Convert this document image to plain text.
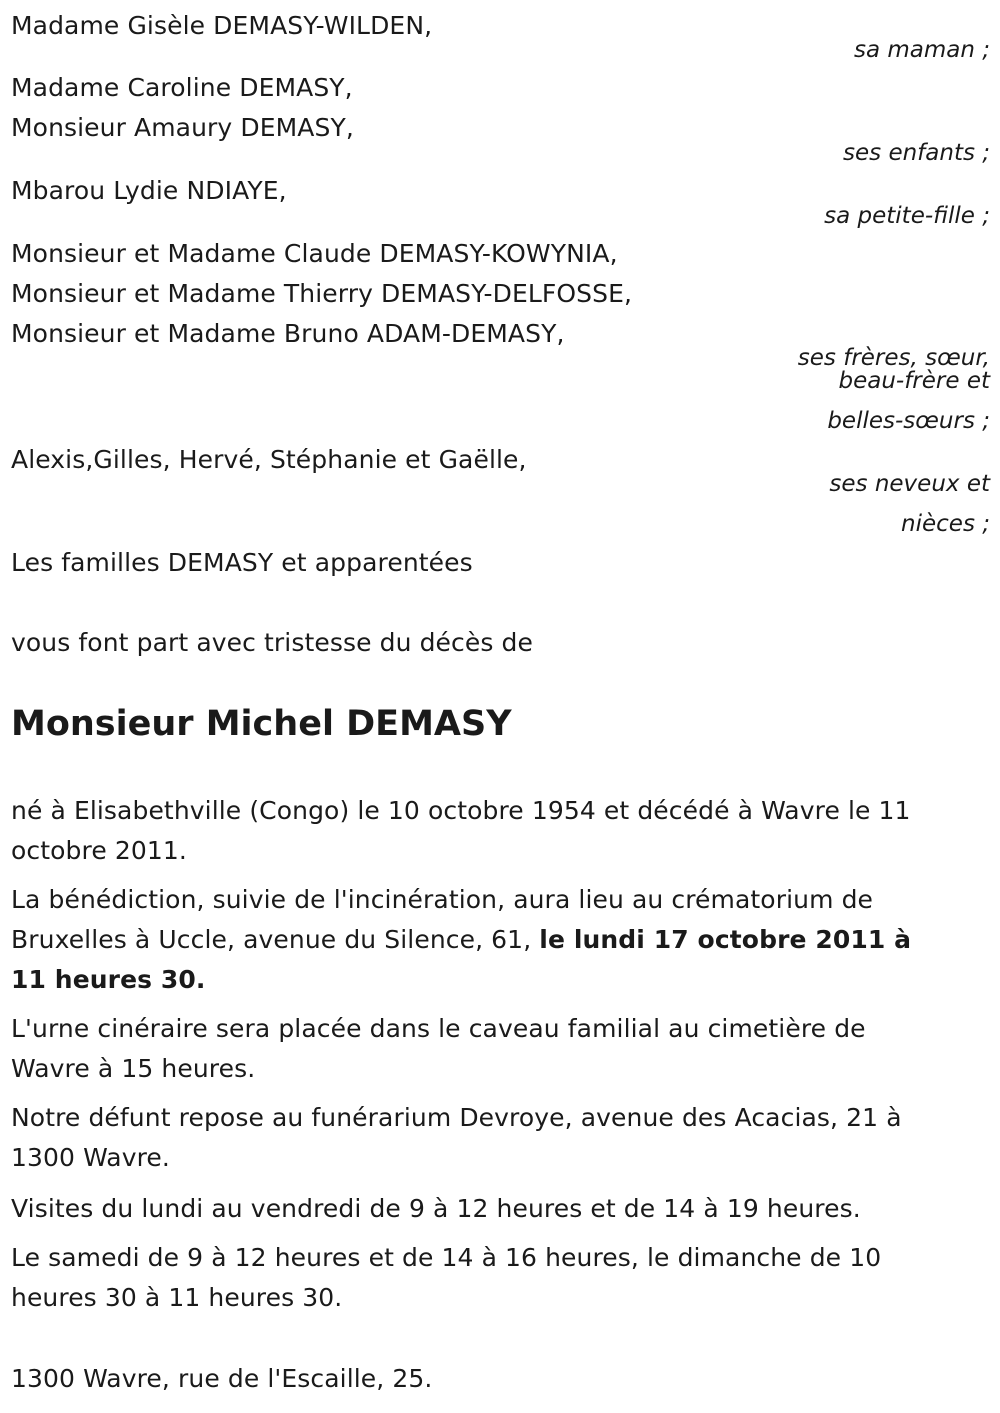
Madame Gisèle DEMASY-WILDEN,
sa maman ;
Madame Caroline DEMASY,
Monsieur Amaury DEMASY,
ses enfants ;
Mbarou Lydie NDIAYE,
sa petite-fille ;
Monsieur et Madame Claude DEMASY-KOWYNIA,
Monsieur et Madame Thierry DEMASY-DELFOSSE,
Monsieur et Madame Bruno ADAM-DEMASY,
ses frères, sœur,
beau-frère et
belles-sœurs ;
Alexis,Gilles, Hervé, Stéphanie et Gaëlle,
ses neveux et
nièces ;
Les familles DEMASY et apparentées
vous font part avec tristesse du décès de
Monsieur Michel DEMASY
né à Elisabethville (Congo) le 10 octobre 1954 et décédé à Wavre le 11 octobre 2011.
La bénédiction, suivie de l'incinération, aura lieu au crématorium de Bruxelles à Uccle, avenue du Silence, 61, le lundi 17 octobre 2011 à 11 heures 30.
L'urne cinéraire sera placée dans le caveau familial au cimetière de Wavre à 15 heures.
Notre défunt repose au funérarium Devroye, avenue des Acacias, 21 à 1300 Wavre.
Visites du lundi au vendredi de 9 à 12 heures et de 14 à 19 heures.
Le samedi de 9 à 12 heures et de 14 à 16 heures, le dimanche de 10 heures 30 à 11 heures 30.
1300 Wavre, rue de l'Escaille, 25.
